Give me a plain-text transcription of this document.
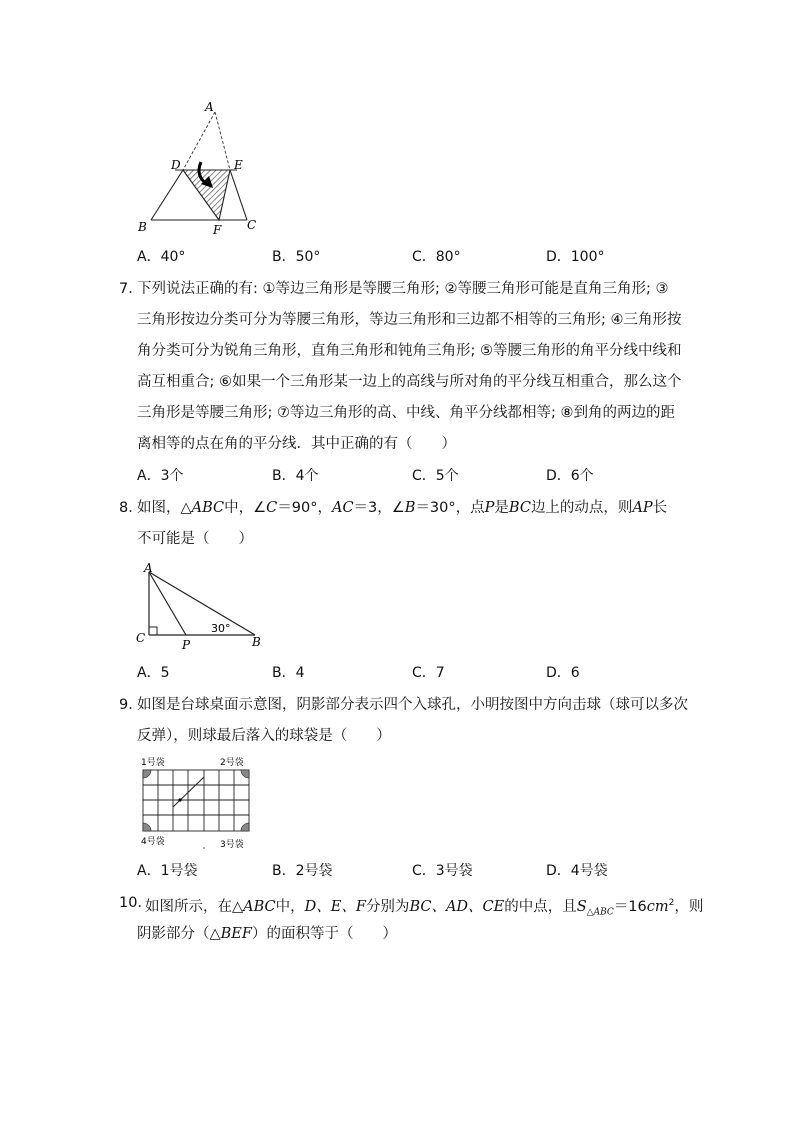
A
D	E
B	F C
A．40°	B．50°	C．80°	D．100°
7．
下列说法正确的有: ①等边三角形是等腰三角形; ②等腰三角形可能是直角三角形; ③
三角形按边分类可分为等腰三角形，等边三角形和三边都不相等的三角形; ④三角形按
角分类可分为锐角三角形，直角三角形和钝角三角形; ⑤等腰三角形的角平分线中线和
高互相重合; ⑥如果一个三角形某一边上的高线与所对角的平分线互相重合，那么这个
三角形是等腰三角形; ⑦等边三角形的高、中线、角平分线都相等; ⑧到角的两边的距
离相等的点在角的平分线．其中正确的有（　　）
A．3个	B．4个	C．5个	D．6个
8．
如图，△ABC中，∠C＝90°，AC＝3，∠B＝30°，点P是BC边上的动点，则AP长
不可能是（　　）
A
C	P	B
30°
A．5	B．4	C．7	D．6
9．
如图是台球桌面示意图，阴影部分表示四个入球孔，小明按图中方向击球（球可以多次
反弹），则球最后落入的球袋是（　　）
1号袋	2号袋
4号袋	3号袋
A．1号袋	B．2号袋	C．3号袋	D．4号袋
10．
如图所示，在△ABC中，D、E、F分别为BC、AD、CE的中点，且$S_{\triangle ABC}=16cm^2$，则
阴影部分（△BEF）的面积等于（　　）
